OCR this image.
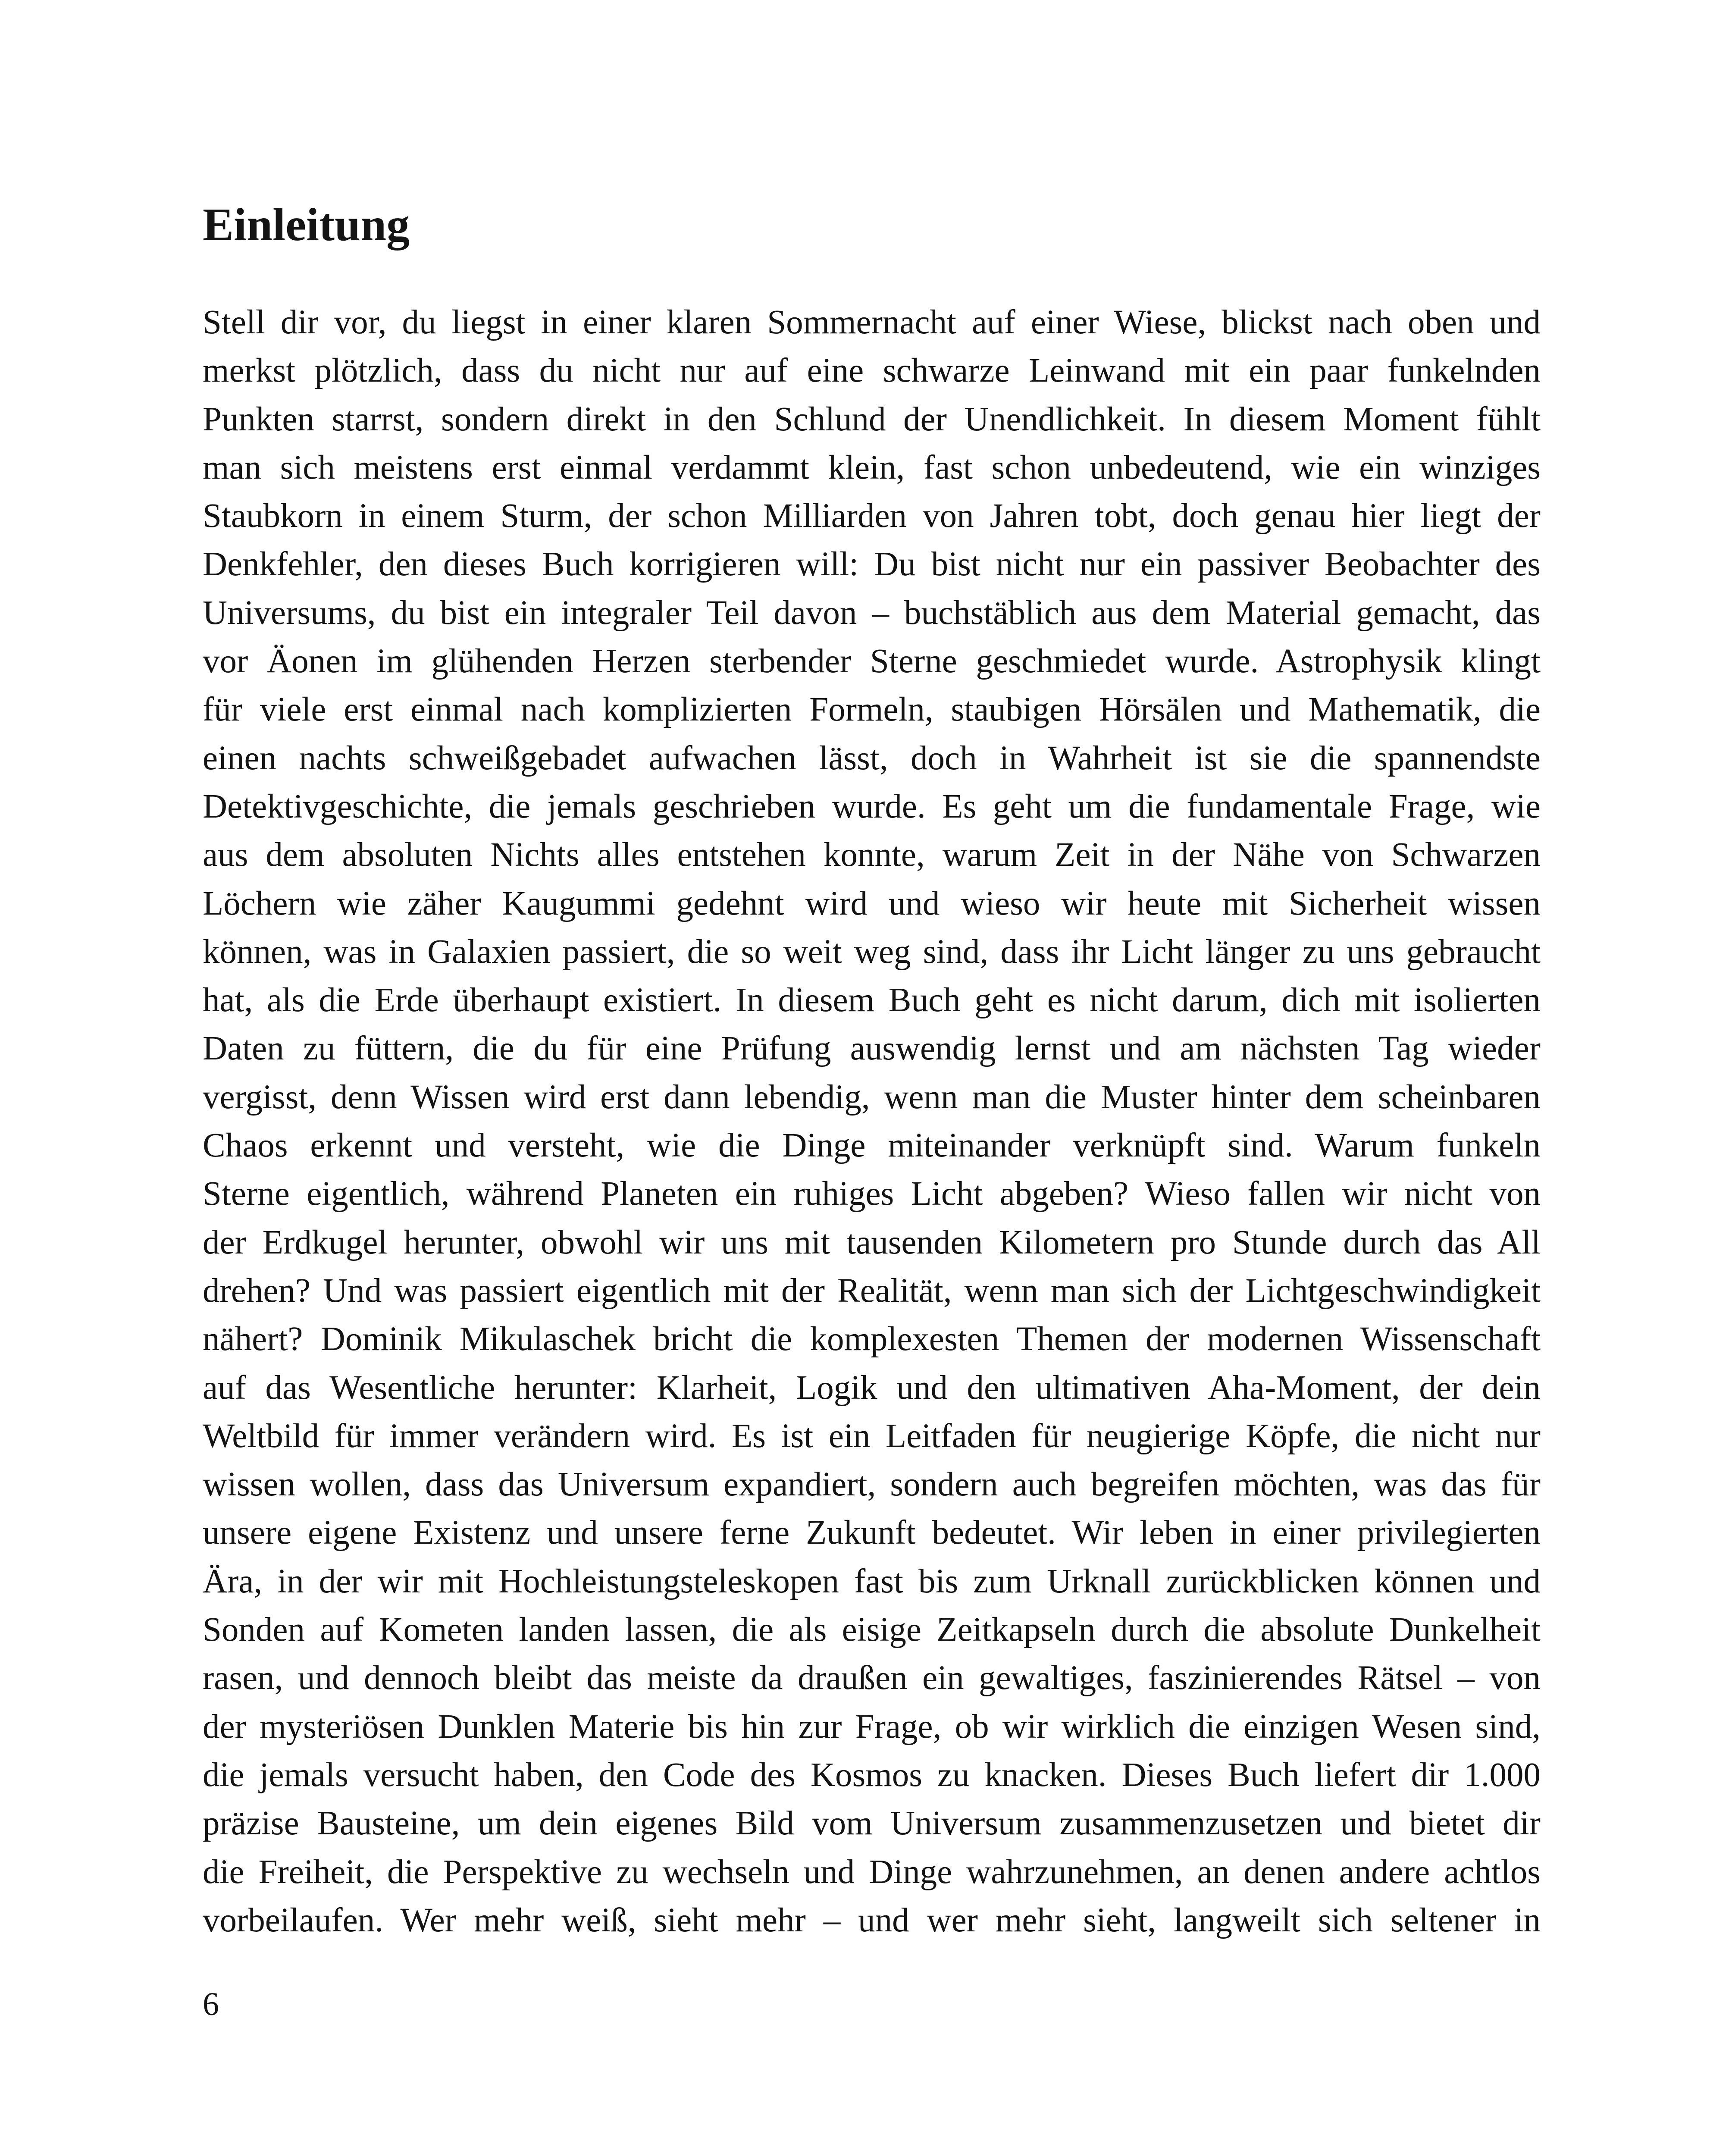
Einleitung
Stell dir vor, du liegst in einer klaren Sommernacht auf einer Wiese, blickst nach oben und
merkst plötzlich, dass du nicht nur auf eine schwarze Leinwand mit ein paar funkelnden
Punkten starrst, sondern direkt in den Schlund der Unendlichkeit. In diesem Moment fühlt
man sich meistens erst einmal verdammt klein, fast schon unbedeutend, wie ein winziges
Staubkorn in einem Sturm, der schon Milliarden von Jahren tobt, doch genau hier liegt der
Denkfehler, den dieses Buch korrigieren will: Du bist nicht nur ein passiver Beobachter des
Universums, du bist ein integraler Teil davon – buchstäblich aus dem Material gemacht, das
vor Äonen im glühenden Herzen sterbender Sterne geschmiedet wurde. Astrophysik klingt
für viele erst einmal nach komplizierten Formeln, staubigen Hörsälen und Mathematik, die
einen nachts schweißgebadet aufwachen lässt, doch in Wahrheit ist sie die spannendste
Detektivgeschichte, die jemals geschrieben wurde. Es geht um die fundamentale Frage, wie
aus dem absoluten Nichts alles entstehen konnte, warum Zeit in der Nähe von Schwarzen
Löchern wie zäher Kaugummi gedehnt wird und wieso wir heute mit Sicherheit wissen
können, was in Galaxien passiert, die so weit weg sind, dass ihr Licht länger zu uns gebraucht
hat, als die Erde überhaupt existiert. In diesem Buch geht es nicht darum, dich mit isolierten
Daten zu füttern, die du für eine Prüfung auswendig lernst und am nächsten Tag wieder
vergisst, denn Wissen wird erst dann lebendig, wenn man die Muster hinter dem scheinbaren
Chaos erkennt und versteht, wie die Dinge miteinander verknüpft sind. Warum funkeln
Sterne eigentlich, während Planeten ein ruhiges Licht abgeben? Wieso fallen wir nicht von
der Erdkugel herunter, obwohl wir uns mit tausenden Kilometern pro Stunde durch das All
drehen? Und was passiert eigentlich mit der Realität, wenn man sich der Lichtgeschwindigkeit
nähert? Dominik Mikulaschek bricht die komplexesten Themen der modernen Wissenschaft
auf das Wesentliche herunter: Klarheit, Logik und den ultimativen Aha-Moment, der dein
Weltbild für immer verändern wird. Es ist ein Leitfaden für neugierige Köpfe, die nicht nur
wissen wollen, dass das Universum expandiert, sondern auch begreifen möchten, was das für
unsere eigene Existenz und unsere ferne Zukunft bedeutet. Wir leben in einer privilegierten
Ära, in der wir mit Hochleistungsteleskopen fast bis zum Urknall zurückblicken können und
Sonden auf Kometen landen lassen, die als eisige Zeitkapseln durch die absolute Dunkelheit
rasen, und dennoch bleibt das meiste da draußen ein gewaltiges, faszinierendes Rätsel – von
der mysteriösen Dunklen Materie bis hin zur Frage, ob wir wirklich die einzigen Wesen sind,
die jemals versucht haben, den Code des Kosmos zu knacken. Dieses Buch liefert dir 1.000
präzise Bausteine, um dein eigenes Bild vom Universum zusammenzusetzen und bietet dir
die Freiheit, die Perspektive zu wechseln und Dinge wahrzunehmen, an denen andere achtlos
vorbeilaufen. Wer mehr weiß, sieht mehr – und wer mehr sieht, langweilt sich seltener in
6
